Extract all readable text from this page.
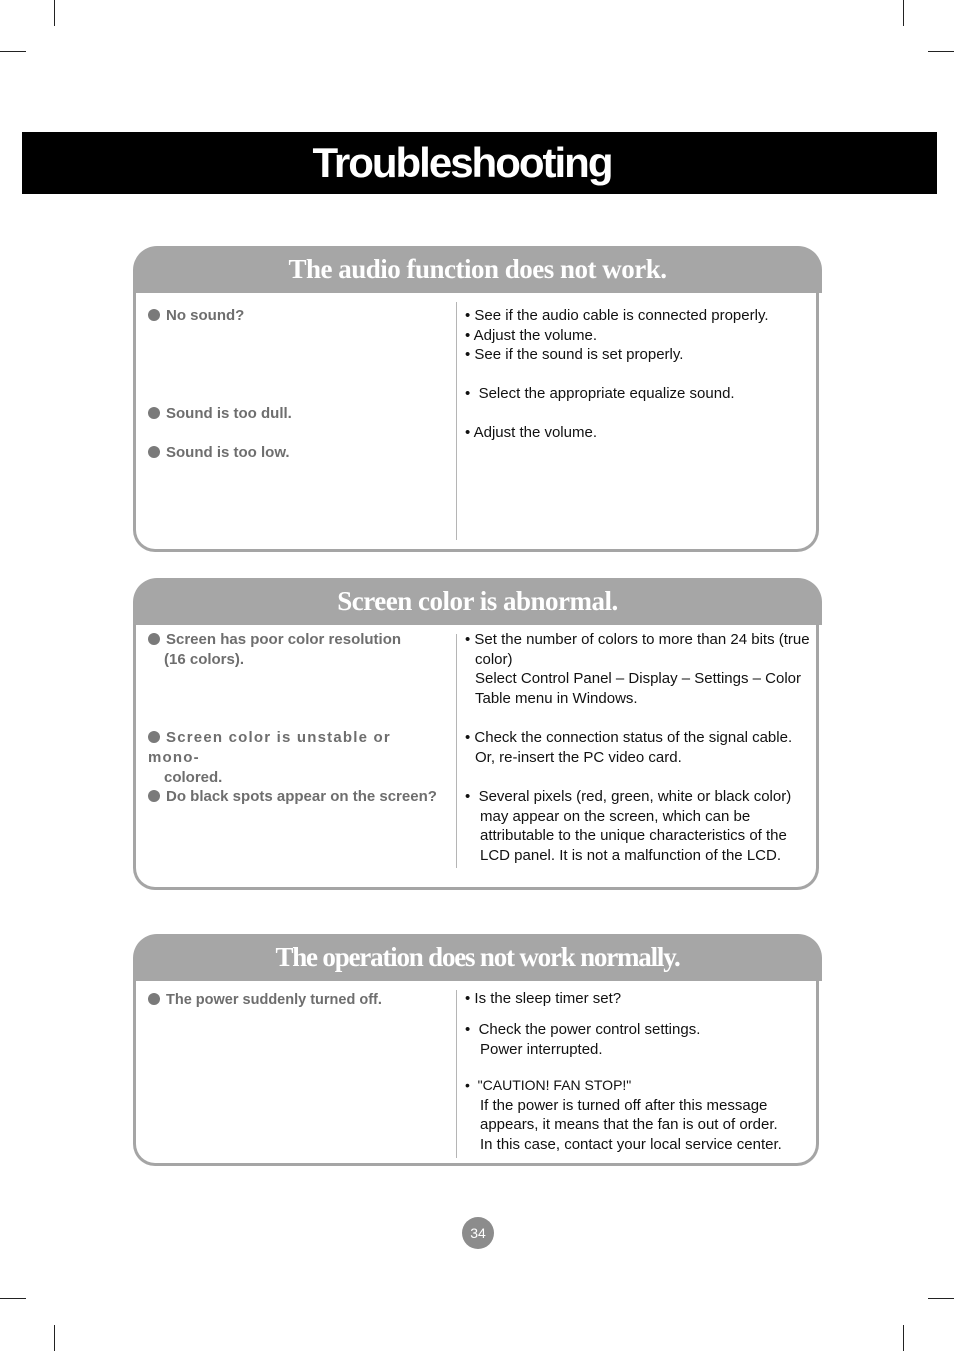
Troubleshooting
The audio function does not work.
No sound?
Sound is too dull.
Sound is too low.
• See if the audio cable is connected properly.
• Adjust the volume.
• See if the sound is set properly.
•  Select the appropriate equalize sound.
• Adjust the volume.
Screen color is abnormal.
Screen has poor color resolution
(16 colors).
Screen color is unstable or mono-
colored.
Do black spots appear on the screen?
• Set the number of colors to more than 24 bits (true
color)
Select Control Panel – Display – Settings – Color
Table menu in Windows.
• Check the connection status of the signal cable.
Or, re-insert the PC video card.
•  Several pixels (red, green, white or black color)
may appear on the screen, which can be
attributable to the unique characteristics of the
LCD panel. It is not a malfunction of the LCD.
The operation does not work normally.
The power suddenly turned off.	• Is the sleep timer set?
•  Check the power control settings.
Power interrupted.
•  "CAUTION! FAN STOP!"
If the power is turned off after this message
appears, it means that the fan is out of order.
In this case, contact your local service center.
34
